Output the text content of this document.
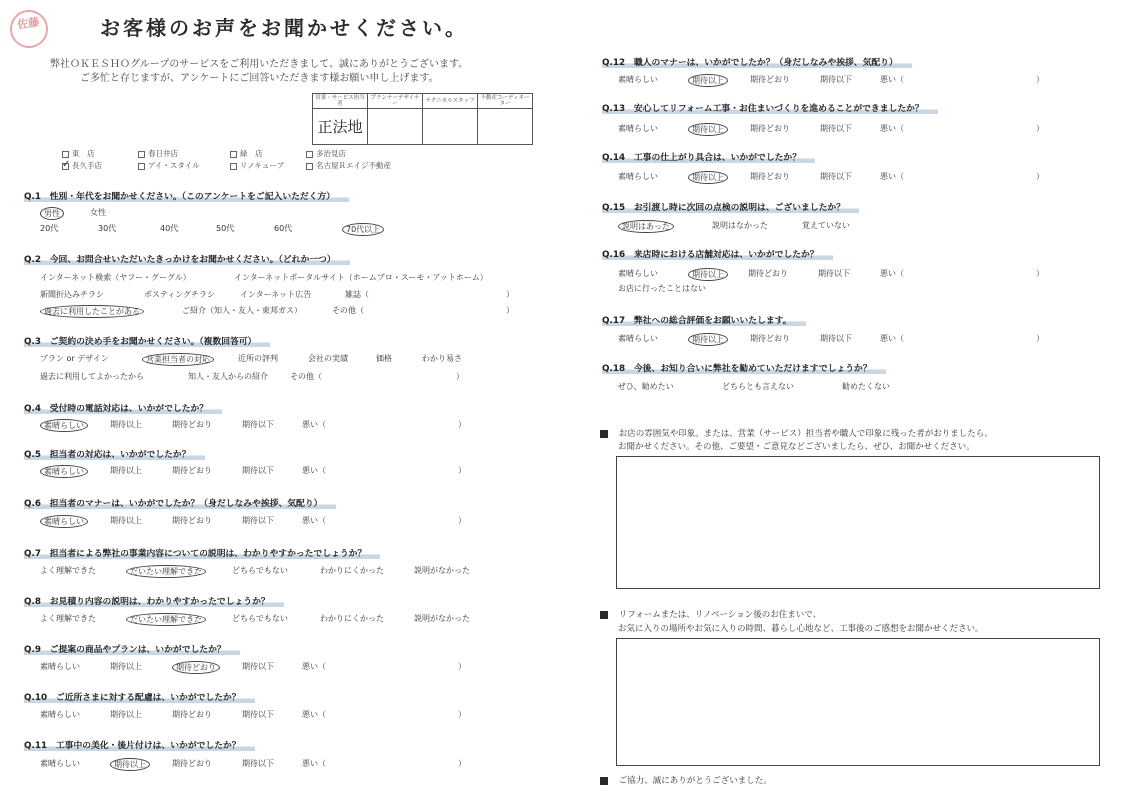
佐藤	お客様のお声をお聞かせください。
弊社ＯＫＥＳＨＯグループのサービスをご利用いただきまして、誠にありがとうございます。
ご多忙と存じますが、アンケートにご回答いただきます様お願い申し上げます。
営業・サービス担当者	プランナーデザイナー	テクニカルスタッフ	不動産コーディネーター
正法地			
東　店	春日井店	緑　店	多治見店
✓長久手店	アイ・スタイル	リノキューブ	名古屋Ｒエイジ不動産
Q.1　性別・年代をお聞かせください。（このアンケートをご記入いただく方）
男性	女性
20代	30代	40代	50代	60代	70代以上
Q.2　今回、お問合せいただいたきっかけをお聞かせください。（どれか一つ）
インターネット検索（ヤフー・グーグル）	インターネットポータルサイト（ホームプロ・スーモ・アットホーム）
新聞折込みチラシ	ポスティングチラシ	インターネット広告	雑誌（	）
過去に利用したことがある	ご紹介（知人・友人・東邦ガス）	その他（	）
Q.3　ご契約の決め手をお聞かせください。（複数回答可）
プラン or デザイン	営業担当者の対応	近所の評判	会社の実績	価格	わかり易さ
過去に利用してよかったから	知人・友人からの紹介	その他（	）
Q.4　受付時の電話対応は、いかがでしたか？
素晴らしい	期待以上	期待どおり	期待以下	悪い（	）
Q.5　担当者の対応は、いかがでしたか？
素晴らしい	期待以上	期待どおり	期待以下	悪い（	）
Q.6　担当者のマナーは、いかがでしたか？（身だしなみや挨拶、気配り）
素晴らしい	期待以上	期待どおり	期待以下	悪い（	）
Q.7　担当者による弊社の事業内容についての説明は、わかりやすかったでしょうか？
よく理解できた	だいたい理解できた	どちらでもない	わかりにくかった	説明がなかった
Q.8　お見積り内容の説明は、わかりやすかったでしょうか？
よく理解できた	だいたい理解できた	どちらでもない	わかりにくかった	説明がなかった
Q.9　ご提案の商品やプランは、いかがでしたか？
素晴らしい	期待以上	期待どおり	期待以下	悪い（	）
Q.10　ご近所さまに対する配慮は、いかがでしたか？
素晴らしい	期待以上	期待どおり	期待以下	悪い（	）
Q.11　工事中の美化・後片付けは、いかがでしたか？
素晴らしい	期待以上	期待どおり	期待以下	悪い（	）
Q.12　職人のマナーは、いかがでしたか？（身だしなみや挨拶、気配り）
素晴らしい	期待以上	期待どおり	期待以下	悪い（	）
Q.13　安心してリフォーム工事・お住まいづくりを進めることができましたか？
素晴らしい	期待以上	期待どおり	期待以下	悪い（	）
Q.14　工事の仕上がり具合は、いかがでしたか？
素晴らしい	期待以上	期待どおり	期待以下	悪い（	）
Q.15　お引渡し時に次回の点検の説明は、ございましたか？
説明はあった	説明はなかった	覚えていない
Q.16　来店時における店舗対応は、いかがでしたか？
素晴らしい	期待以上	期待どおり	期待以下	悪い（	）
お店に行ったことはない
Q.17　弊社への総合評価をお願いいたします。
素晴らしい	期待以上	期待どおり	期待以下	悪い（	）
Q.18　今後、お知り合いに弊社を勧めていただけますでしょうか？
ぜひ、勧めたい	どちらとも言えない	勧めたくない
お店の雰囲気や印象。または、営業（サービス）担当者や職人で印象に残った者がおりましたら、
お聞かせください。その他、ご要望・ご意見などございましたら、ぜひ、お聞かせください。
リフォームまたは、リノベーション後のお住まいで、
お気に入りの場所やお気に入りの時間、暮らし心地など、工事後のご感想をお聞かせください。
ご協力、誠にありがとうございました。
